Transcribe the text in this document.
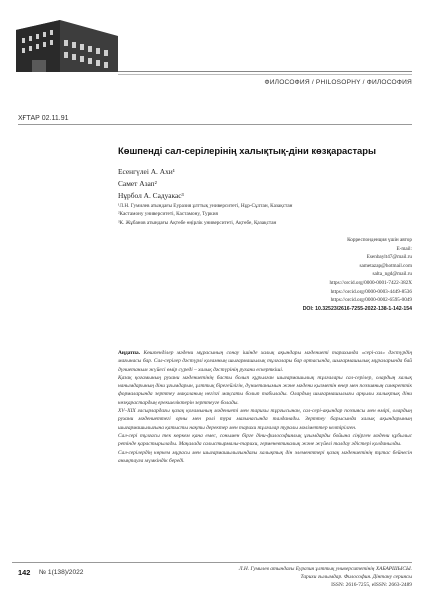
ФИЛОСОФИЯ / PHILOSOPHY / ФИЛОСОФИЯ
ХҒТАР 02.11.91
Көшпенді сал-серілерінің халықтық-діни көзқарастары
Есенгүлеі А. Ахи¹
Самет Азап²
Нұрбол А. Садуакас³
¹Л.Н. Гумилев атындағы Еуразия ұлттық университеті, Нұр-Сұлтан, Казақстан
²Кастамону университеті, Кастамону, Туркия
³К. Жұбанов атындағы Ақтөбе өңірлік университеті, Ақтөбе, Қазақстан
Корреспонденция үшін автор
E-mail:
Esenbaylt47@mail.ru
sametazap@hotmail.com
salta_ngd@mail.ru
https://orcid.org/0000-0001-7422-382X
https://orcid.org/0000-0003-4449-8536
https://orcid.org/0000-0002-6595-0049
DOI: 10.32523/2616-7255-2022-138-1-142-154

Аңдатпа. Көшпенділер мәдени мұрасының сонау ішінде халық ақындары мәдениеті тарихында «сері-сал» дәстүрдің мағынасы бар. Сал-серілер дәстүрлі қоғамның шығармашылық тұлғалары бар ортасында, шығармашылық мұраларында бай дүниетаным жүйесі өмір сүреді – халық дәстүрінің рухани ескерткіші.

Қазақ қоғамының рухани мәдениетінің басты болып құрылған шығармашылық тұлғалары сал-серілер, олардың халық нанымдарының діни ұғымдарын, ұлттық бірегейлігін, дүниетанымын және мәдени қызметін өнер мен поэзияның синкреттік формаларында зерттеу мақаланың негізгі мақсаты болып табылады. Олардың шығармашылығы арқылы халықтық діни көзқарастардың ерекшеліктерін зерттеуге болады.

XV–XIX ғасырлардағы қазақ қоғамының мәдениеті мен тарихы тұрғысынан, сал-сері-ақындар поэзиясы мен өмірі, олардың рухани мәдениеттегі орны мен ролі тура мағынасында талданады. Зерттеу барысында халық ақындарының шығармашылығына қатысты нақты деректер мен тарихи тұлғалар туралы мәліметтер келтірілген.

Сал-сері тұлғасы тек көркем қана емес, сонымен бірге діни-философиялық ұғымдарды бойына сіңірген мәдени құбылыс ретінде қарастырылады. Мақалада салыстырмалы-тарихи, герменевтикалық және жүйелі талдау әдістері қолданылды.

Сал-серілердің көркем мұрасы мен шығармашылығындағы халықтық дін элементтері қазақ мәдениетінің тұтас бейнесін анықтауға мүмкіндік береді.

142 № 1(138)/2022	Л.Н. Гумилев атындағы Еуразия ұлттық университетінің ХАБАРШЫСЫ.
Тарихи ғылымдар. Философия. Дінтану сериясы
ISSN: 2616-7255, eISSN: 2663-2489
